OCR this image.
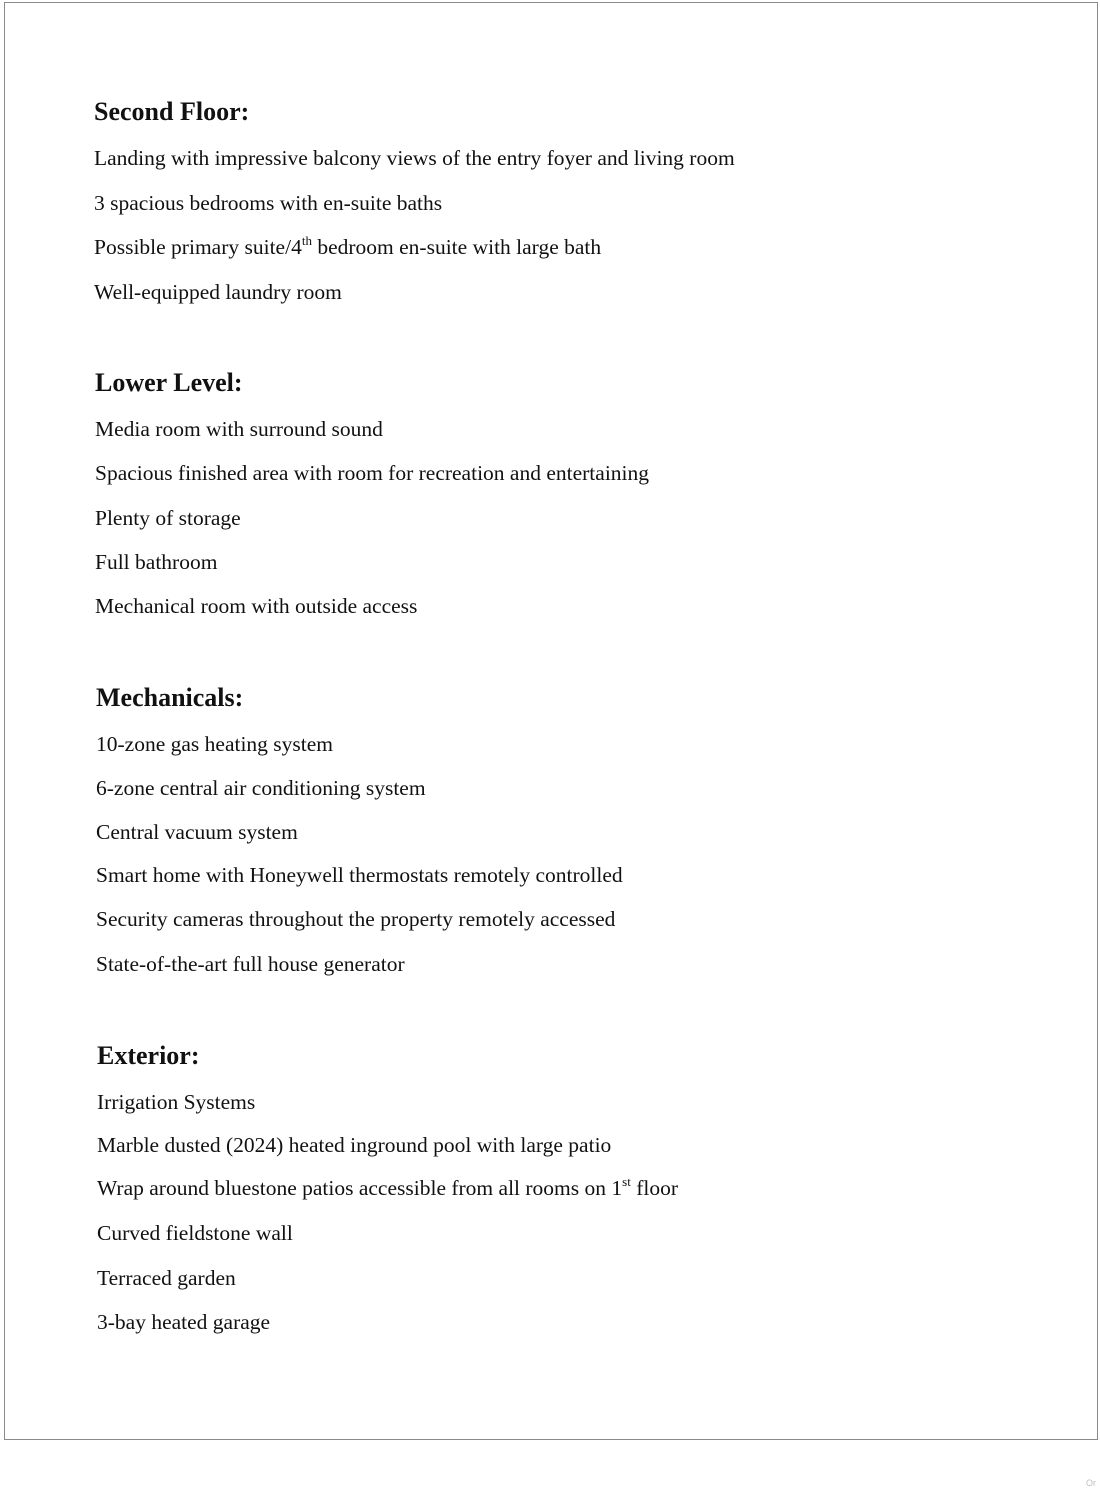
Second Floor:

Landing with impressive balcony views of the entry foyer and living room

3 spacious bedrooms with en-suite baths

Possible primary suite/4th bedroom en-suite with large bath

Well-equipped laundry room

Lower Level:

Media room with surround sound

Spacious finished area with room for recreation and entertaining

Plenty of storage

Full bathroom

Mechanical room with outside access

Mechanicals:

10-zone gas heating system

6-zone central air conditioning system

Central vacuum system

Smart home with Honeywell thermostats remotely controlled

Security cameras throughout the property remotely accessed

State-of-the-art full house generator

Exterior:

Irrigation Systems

Marble dusted (2024) heated inground pool with large patio

Wrap around bluestone patios accessible from all rooms on 1st floor

Curved fieldstone wall

Terraced garden

3-bay heated garage

Or
